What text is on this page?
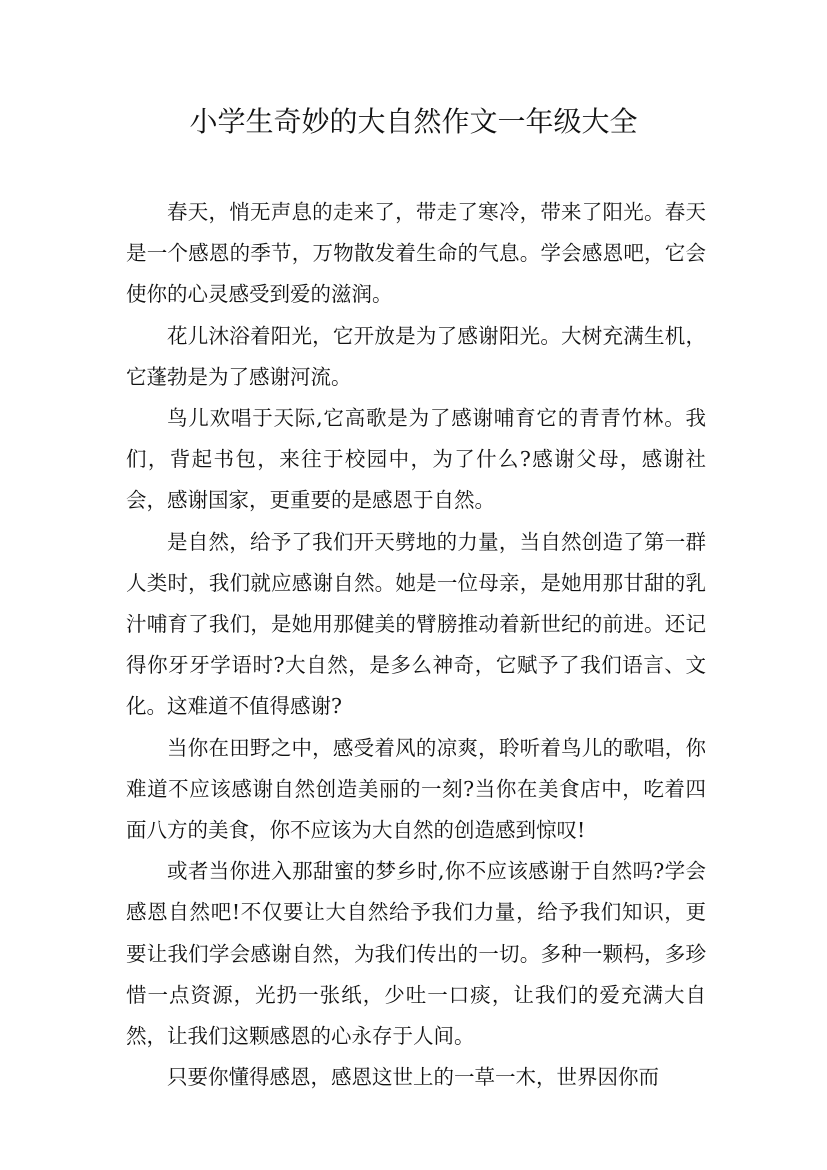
小学生奇妙的大自然作文一年级大全

春天，悄无声息的走来了，带走了寒冷，带来了阳光。春天是一个感恩的季节，万物散发着生命的气息。学会感恩吧，它会使你的心灵感受到爱的滋润。

花儿沐浴着阳光，它开放是为了感谢阳光。大树充满生机，它蓬勃是为了感谢河流。

鸟儿欢唱于天际,它高歌是为了感谢哺育它的青青竹林。我们，背起书包，来往于校园中，为了什么?感谢父母，感谢社会，感谢国家，更重要的是感恩于自然。

是自然，给予了我们开天劈地的力量，当自然创造了第一群人类时，我们就应感谢自然。她是一位母亲，是她用那甘甜的乳汁哺育了我们，是她用那健美的臂膀推动着新世纪的前进。还记得你牙牙学语时?大自然，是多么神奇，它赋予了我们语言、文化。这难道不值得感谢?

当你在田野之中，感受着风的凉爽，聆听着鸟儿的歌唱，你难道不应该感谢自然创造美丽的一刻?当你在美食店中，吃着四面八方的美食，你不应该为大自然的创造感到惊叹!

或者当你进入那甜蜜的梦乡时,你不应该感谢于自然吗?学会感恩自然吧!不仅要让大自然给予我们力量，给予我们知识，更要让我们学会感谢自然，为我们传出的一切。多种一颗杩，多珍惜一点资源，光扔一张纸，少吐一口痰，让我们的爱充满大自然，让我们这颗感恩的心永存于人间。

只要你懂得感恩，感恩这世上的一草一木，世界因你而
